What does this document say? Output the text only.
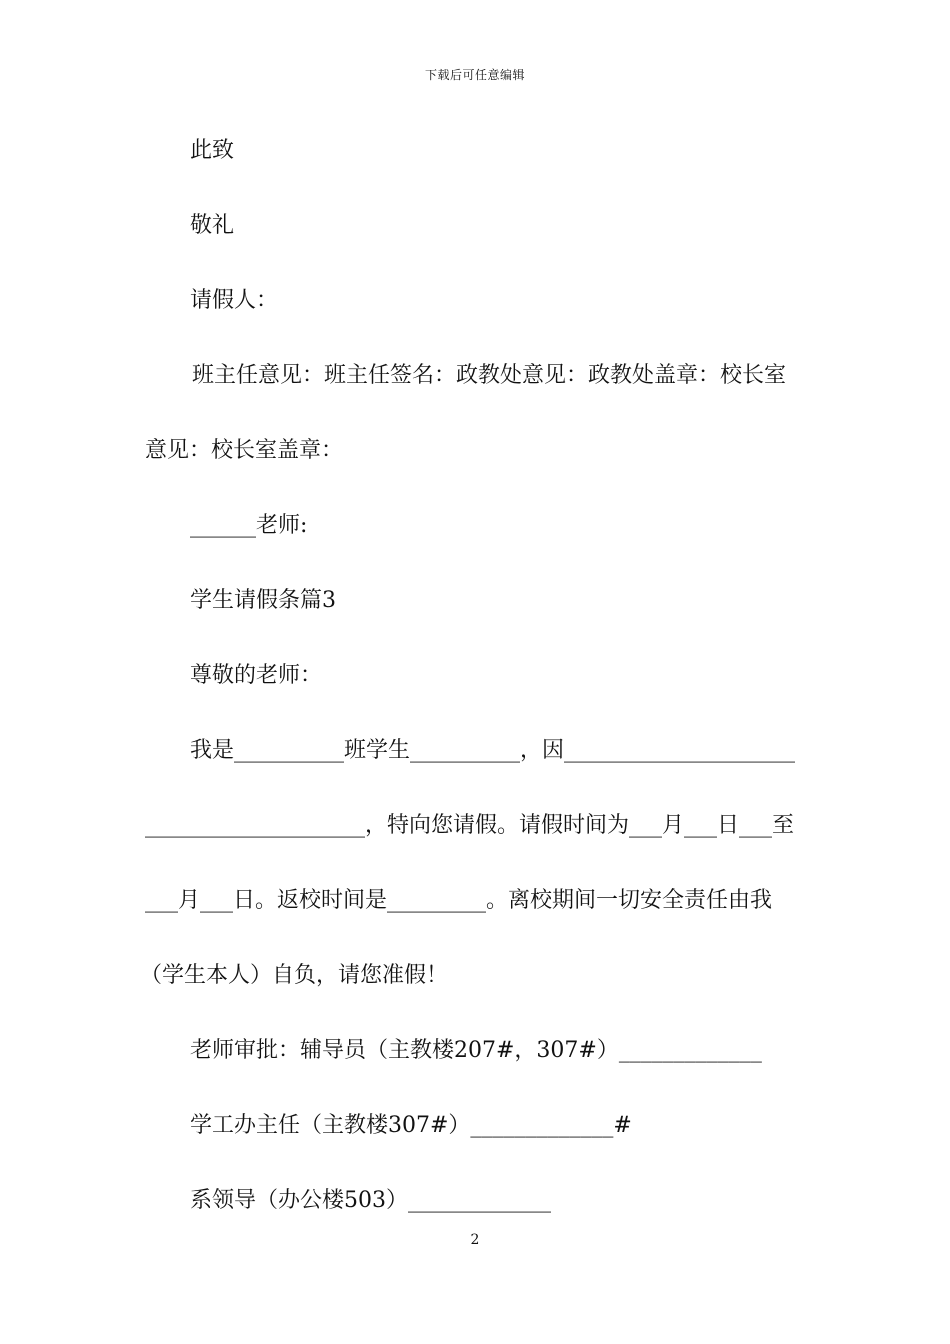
下载后可任意编辑
此致
敬礼
请假人：
班主任意见：班主任签名：政教处意见：政教处盖章：校长室
意见：校长室盖章：
______老师:
学生请假条篇3
尊敬的老师：
我是__________班学生__________，因_____________________
____________________，特向您请假。请假时间为___月___日___至
___月___日。返校时间是_________。离校期间一切安全责任由我
（学生本人）自负，请您准假！
老师审批：辅导员（主教楼207#，307#）_____________
学工办主任（主教楼307#）_____________#
系领导（办公楼503）_____________
2
